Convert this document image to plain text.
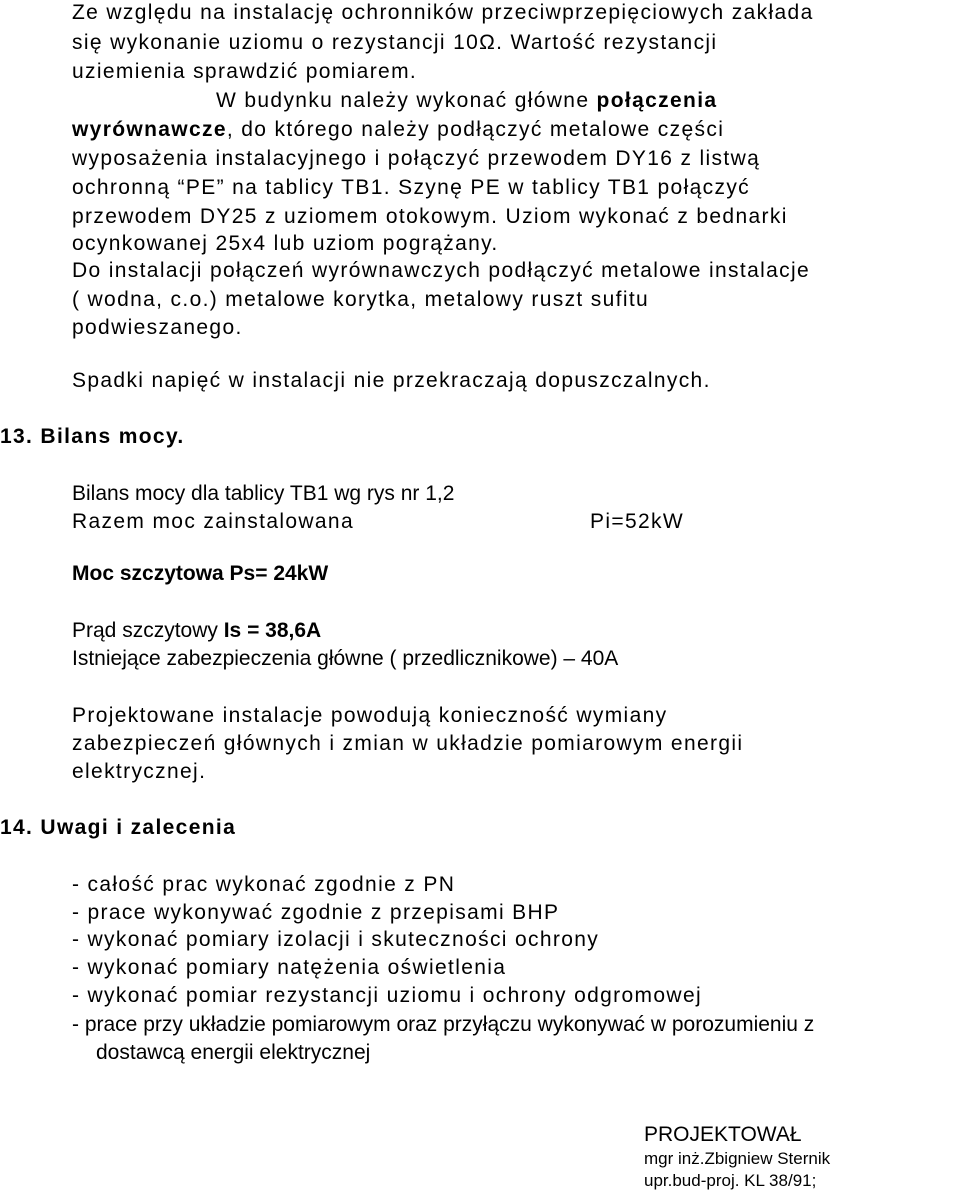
Ze względu na instalację ochronników przeciwprzepięciowych zakłada
się wykonanie uziomu o rezystancji 10Ω. Wartość rezystancji
uziemienia sprawdzić pomiarem.
W budynku należy wykonać główne połączenia
wyrównawcze, do którego należy podłączyć metalowe części
wyposażenia instalacyjnego i połączyć przewodem DY16 z listwą
ochronną “PE” na tablicy TB1. Szynę PE w tablicy TB1 połączyć
przewodem DY25 z uziomem otokowym. Uziom wykonać z bednarki
ocynkowanej 25x4 lub uziom pogrążany.
Do instalacji połączeń wyrównawczych podłączyć metalowe instalacje
( wodna, c.o.) metalowe korytka, metalowy ruszt sufitu
podwieszanego.
Spadki napięć w instalacji nie przekraczają dopuszczalnych.
13. Bilans mocy.
Bilans mocy dla tablicy TB1 wg rys nr 1,2
Razem moc zainstalowana	Pi=52kW
Moc szczytowa Ps= 24kW
Prąd szczytowy Is = 38,6A
Istniejące zabezpieczenia główne ( przedlicznikowe) – 40A
Projektowane instalacje powodują konieczność wymiany
zabezpieczeń głównych i zmian w układzie pomiarowym energii
elektrycznej.
14. Uwagi i zalecenia
- całość prac wykonać zgodnie z PN
- prace wykonywać zgodnie z przepisami BHP
- wykonać pomiary izolacji i skuteczności ochrony
- wykonać pomiary natężenia oświetlenia
- wykonać pomiar rezystancji uziomu i ochrony odgromowej
- prace przy układzie pomiarowym oraz przyłączu wykonywać w porozumieniu z
dostawcą energii elektrycznej
PROJEKTOWAŁ
mgr inż.Zbigniew Sternik
upr.bud-proj. KL 38/91;
